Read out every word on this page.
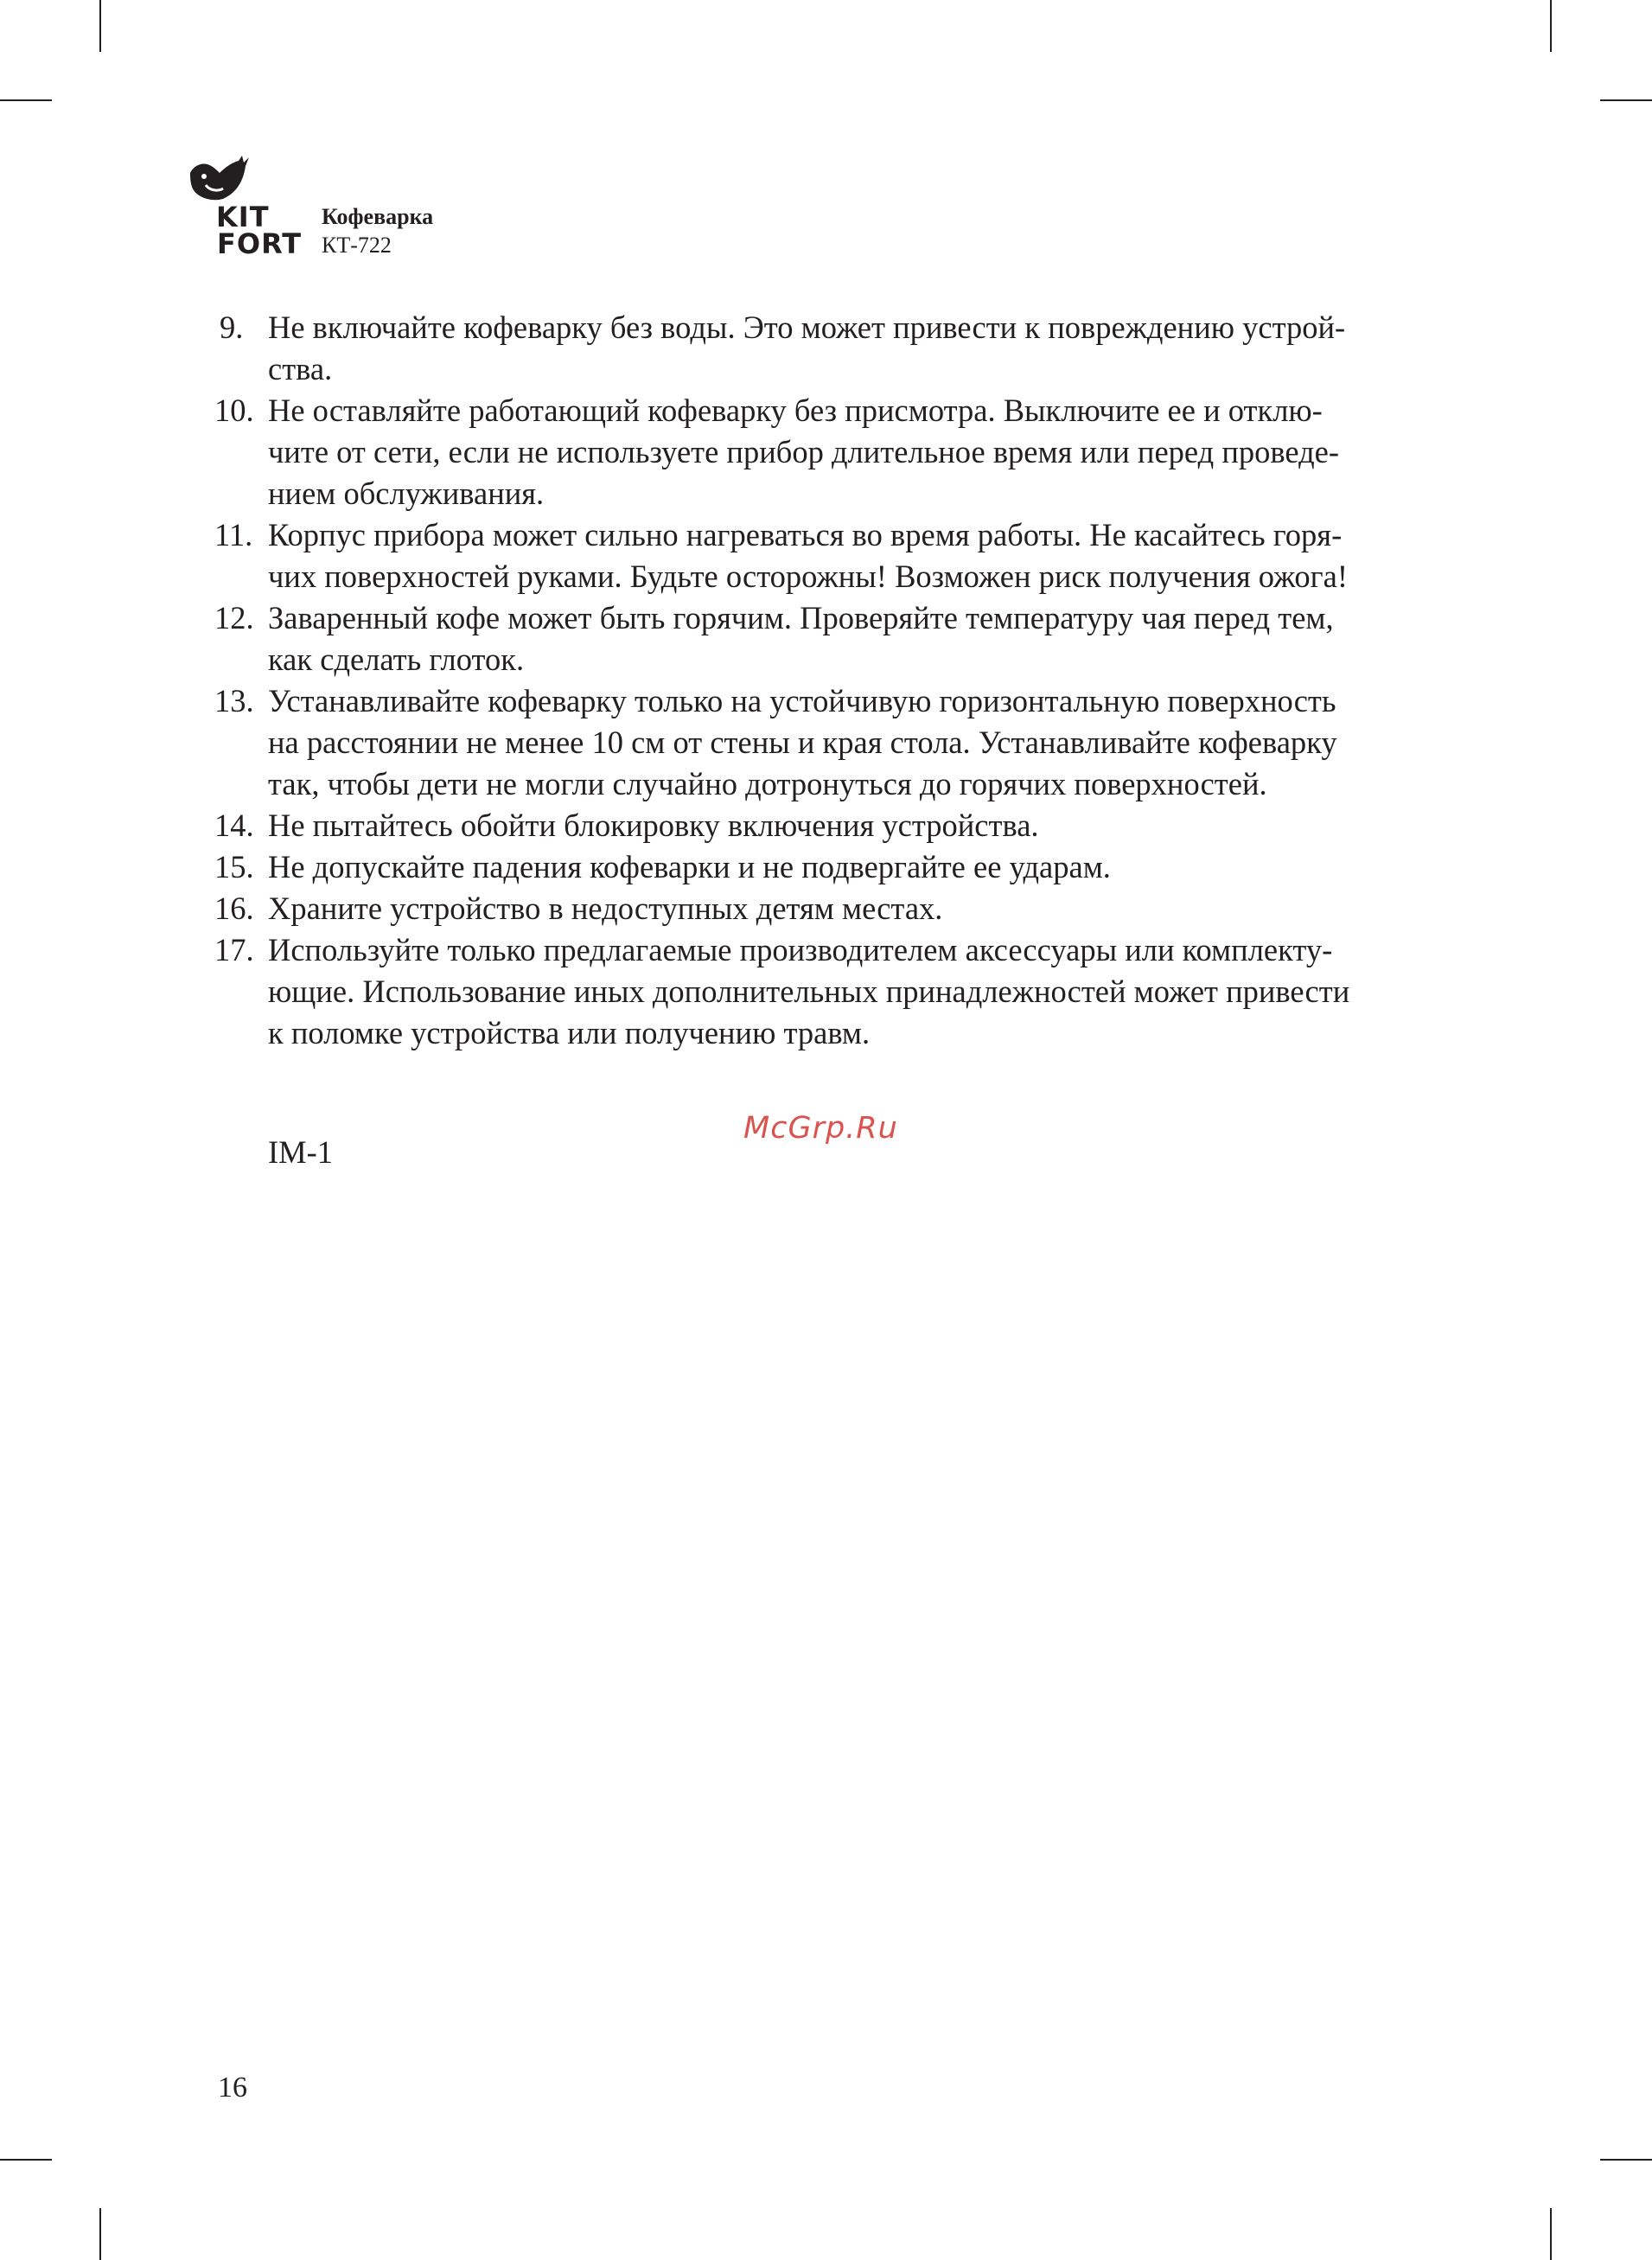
KIT
FORT
Кофеварка
КТ-722
9. Не включайте кофеварку без воды. Это может привести к повреждению устрой-
ства.
10. Не оставляйте работающий кофеварку без присмотра. Выключите ее и отклю-
чите от сети, если не используете прибор длительное время или перед проведе-
нием обслуживания.
11. Корпус прибора может сильно нагреваться во время работы. Не касайтесь горя-
чих поверхностей руками. Будьте осторожны! Возможен риск получения ожога!
12. Заваренный кофе может быть горячим. Проверяйте температуру чая перед тем,
как сделать глоток.
13. Устанавливайте кофеварку только на устойчивую горизонтальную поверхность
на расстоянии не менее 10 см от стены и края стола. Устанавливайте кофеварку
так, чтобы дети не могли случайно дотронуться до горячих поверхностей.
14. Не пытайтесь обойти блокировку включения устройства.
15. Не допускайте падения кофеварки и не подвергайте ее ударам.
16. Храните устройство в недоступных детям местах.
17. Используйте только предлагаемые производителем аксессуары или комплекту-
ющие. Использование иных дополнительных принадлежностей может привести
к поломке устройства или получению травм.
McGrp.Ru
IM-1
16
